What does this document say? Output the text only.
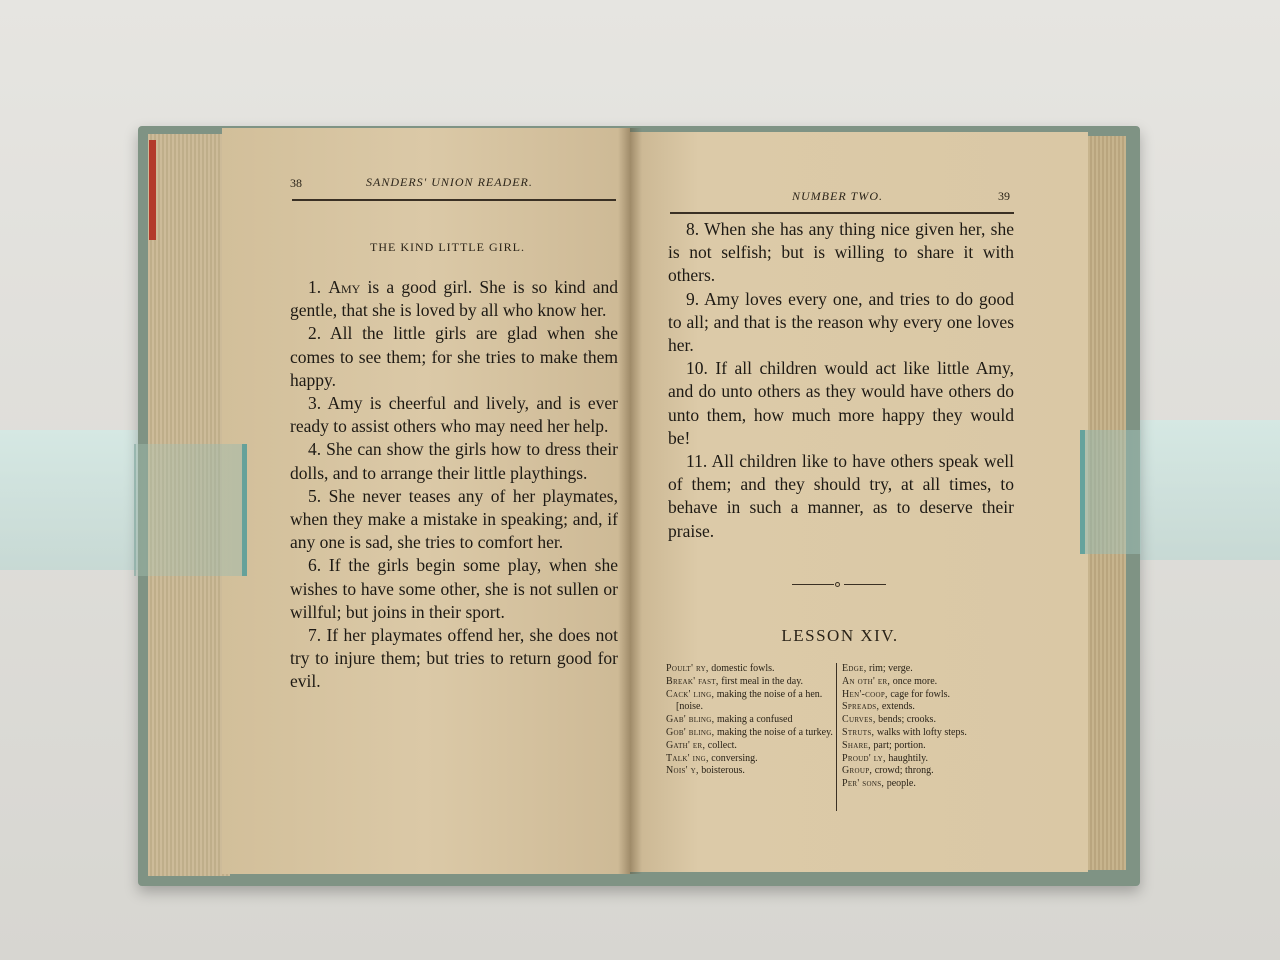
38	SANDERS' UNION READER.
THE KIND LITTLE GIRL.

1. Amy is a good girl. She is so kind and gentle, that she is loved by all who know her.

2. All the little girls are glad when she comes to see them; for she tries to make them happy.

3. Amy is cheerful and lively, and is ever ready to assist others who may need her help.

4. She can show the girls how to dress their dolls, and to arrange their little playthings.

5. She never teases any of her playmates, when they make a mistake in speaking; and, if any one is sad, she tries to comfort her.

6. If the girls begin some play, when she wishes to have some other, she is not sullen or willful; but joins in their sport.

7. If her playmates offend her, she does not try to injure them; but tries to return good for evil.

NUMBER TWO.	39

8. When she has any thing nice given her, she is not selfish; but is willing to share it with others.

9. Amy loves every one, and tries to do good to all; and that is the reason why every one loves her.

10. If all children would act like little Amy, and do unto others as they would have others do unto them, how much more happy they would be!

11. All children like to have others speak well of them; and they should try, at all times, to behave in such a manner, as to deserve their praise.

LESSON XIV.

Poult' ry, domestic fowls.

Break' fast, first meal in the day.

Cack' ling, making the noise of a hen. [noise.

Gab' bling, making a confused

Gob' bling, making the noise of a turkey.

Gath' er, collect.

Talk' ing, conversing.

Nois' y, boisterous.

Edge, rim; verge.

An oth' er, once more.

Hen'-coop, cage for fowls.

Spreads, extends.

Curves, bends; crooks.

Struts, walks with lofty steps.

Share, part; portion.

Proud' ly, haughtily.

Group, crowd; throng.

Per' sons, people.
